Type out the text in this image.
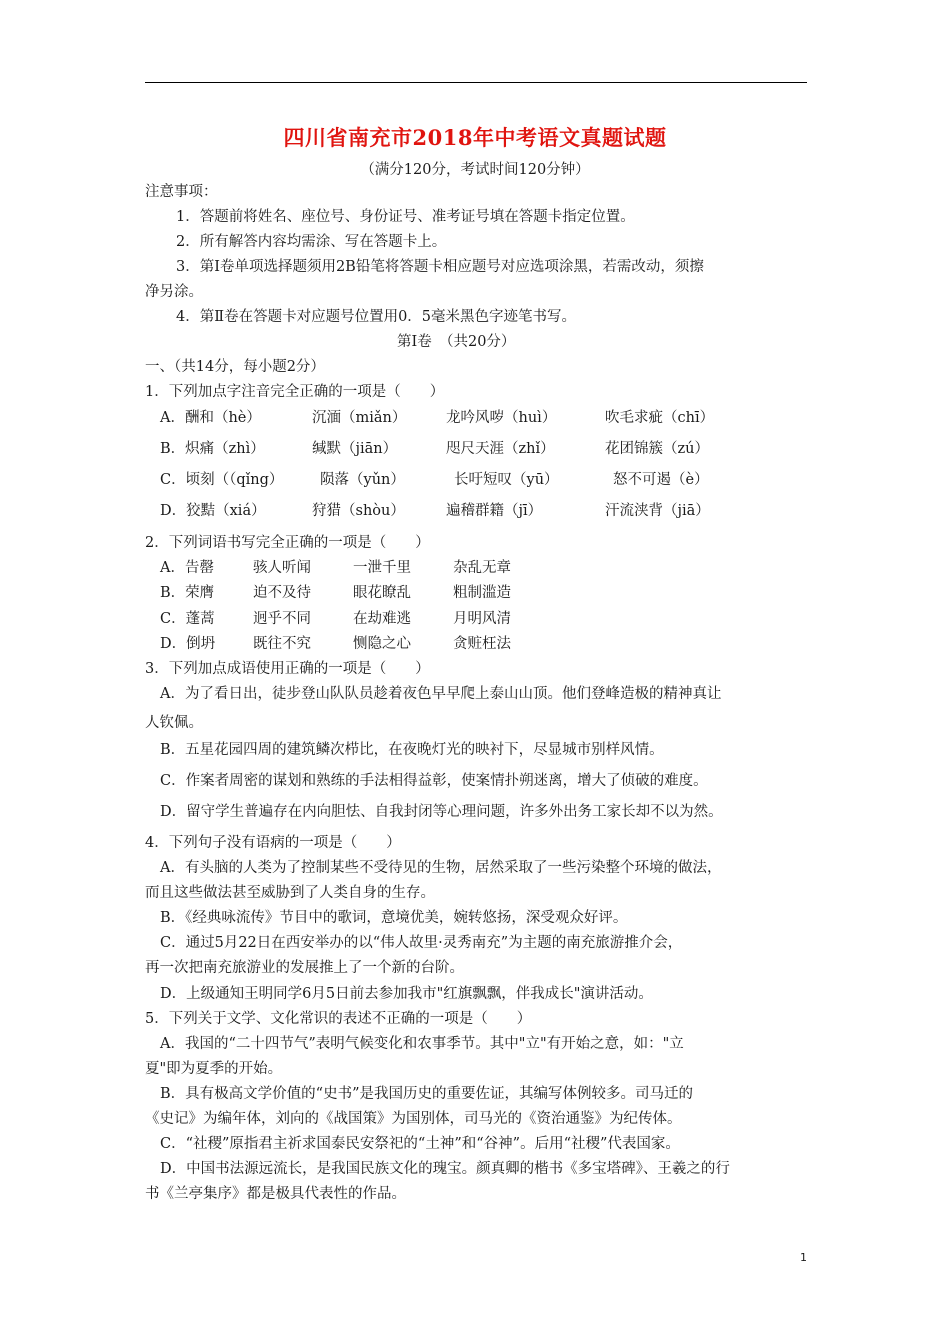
四川省南充市2018年中考语文真题试题
（满分120分，考试时间120分钟）
注意事项：
1．答题前将姓名、座位号、身份证号、准考证号填在答题卡指定位置。
2．所有解答内容均需涂、写在答题卡上。
3．第Ⅰ卷单项选择题须用2B铅笔将答题卡相应题号对应选项涂黑，若需改动，须擦
净另涂。
4．第Ⅱ卷在答题卡对应题号位置用0．5毫米黑色字迹笔书写。
第Ⅰ卷　（共20分）
一、（共14分，每小题2分）
1．下列加点字注音完全正确的一项是（　　）
A．酬和（hè）	沉湎（miǎn）	龙吟风哕（huì）	吹毛求疵（chī）
B．炽痛（zhì）	缄默（jiān）	咫尺天涯（zhǐ）	花团锦簇（zú）
C．顷刻（（qǐng）	陨落（yǔn）	长吁短叹（yū）	怒不可遏（è）
D．狡黠（xiá）	狩猎（shòu）	遍稽群籍（jī）	汗流浃背（jiā）
2．下列词语书写完全正确的一项是（　　）
A．告罄	骇人听闻	一泄千里	杂乱无章
B．荣膺	迫不及待	眼花瞭乱	粗制滥造
C．蓬蒿	迥乎不同	在劫难逃	月明风清
D．倒坍	既往不究	恻隐之心	贪赃枉法
3．下列加点成语使用正确的一项是（　　）
A．为了看日出，徒步登山队队员趁着夜色早早爬上泰山山顶。他们登峰造极的精神真让
人钦佩。
B．五星花园四周的建筑鳞次栉比，在夜晚灯光的映衬下，尽显城市别样风情。
C．作案者周密的谋划和熟练的手法相得益彰，使案情扑朔迷离，增大了侦破的难度。
D．留守学生普遍存在内向胆怯、自我封闭等心理问题，许多外出务工家长却不以为然。
4．下列句子没有语病的一项是（　　）
A．有头脑的人类为了控制某些不受待见的生物，居然采取了一些污染整个环境的做法，
而且这些做法甚至威胁到了人类自身的生存。
B．《经典咏流传》节目中的歌词，意境优美，婉转悠扬，深受观众好评。
C．通过5月22日在西安举办的以“伟人故里·灵秀南充”为主题的南充旅游推介会，
再一次把南充旅游业的发展推上了一个新的台阶。
D．上级通知王明同学6月5日前去参加我市"红旗飘飘，伴我成长"演讲活动。
5．下列关于文学、文化常识的表述不正确的一项是（　　）
A．我国的“二十四节气”表明气候变化和农事季节。其中"立"有开始之意，如："立
夏"即为夏季的开始。
B．具有极高文学价值的“史书”是我国历史的重要佐证，其编写体例较多。司马迁的
《史记》为编年体，刘向的《战国策》为国别体，司马光的《资治通鉴》为纪传体。
C．“社稷”原指君主祈求国泰民安祭祀的“土神”和“谷神”。后用“社稷”代表国家。
D．中国书法源远流长，是我国民族文化的瑰宝。颜真卿的楷书《多宝塔碑》、王羲之的行
书《兰亭集序》都是极具代表性的作品。
1
